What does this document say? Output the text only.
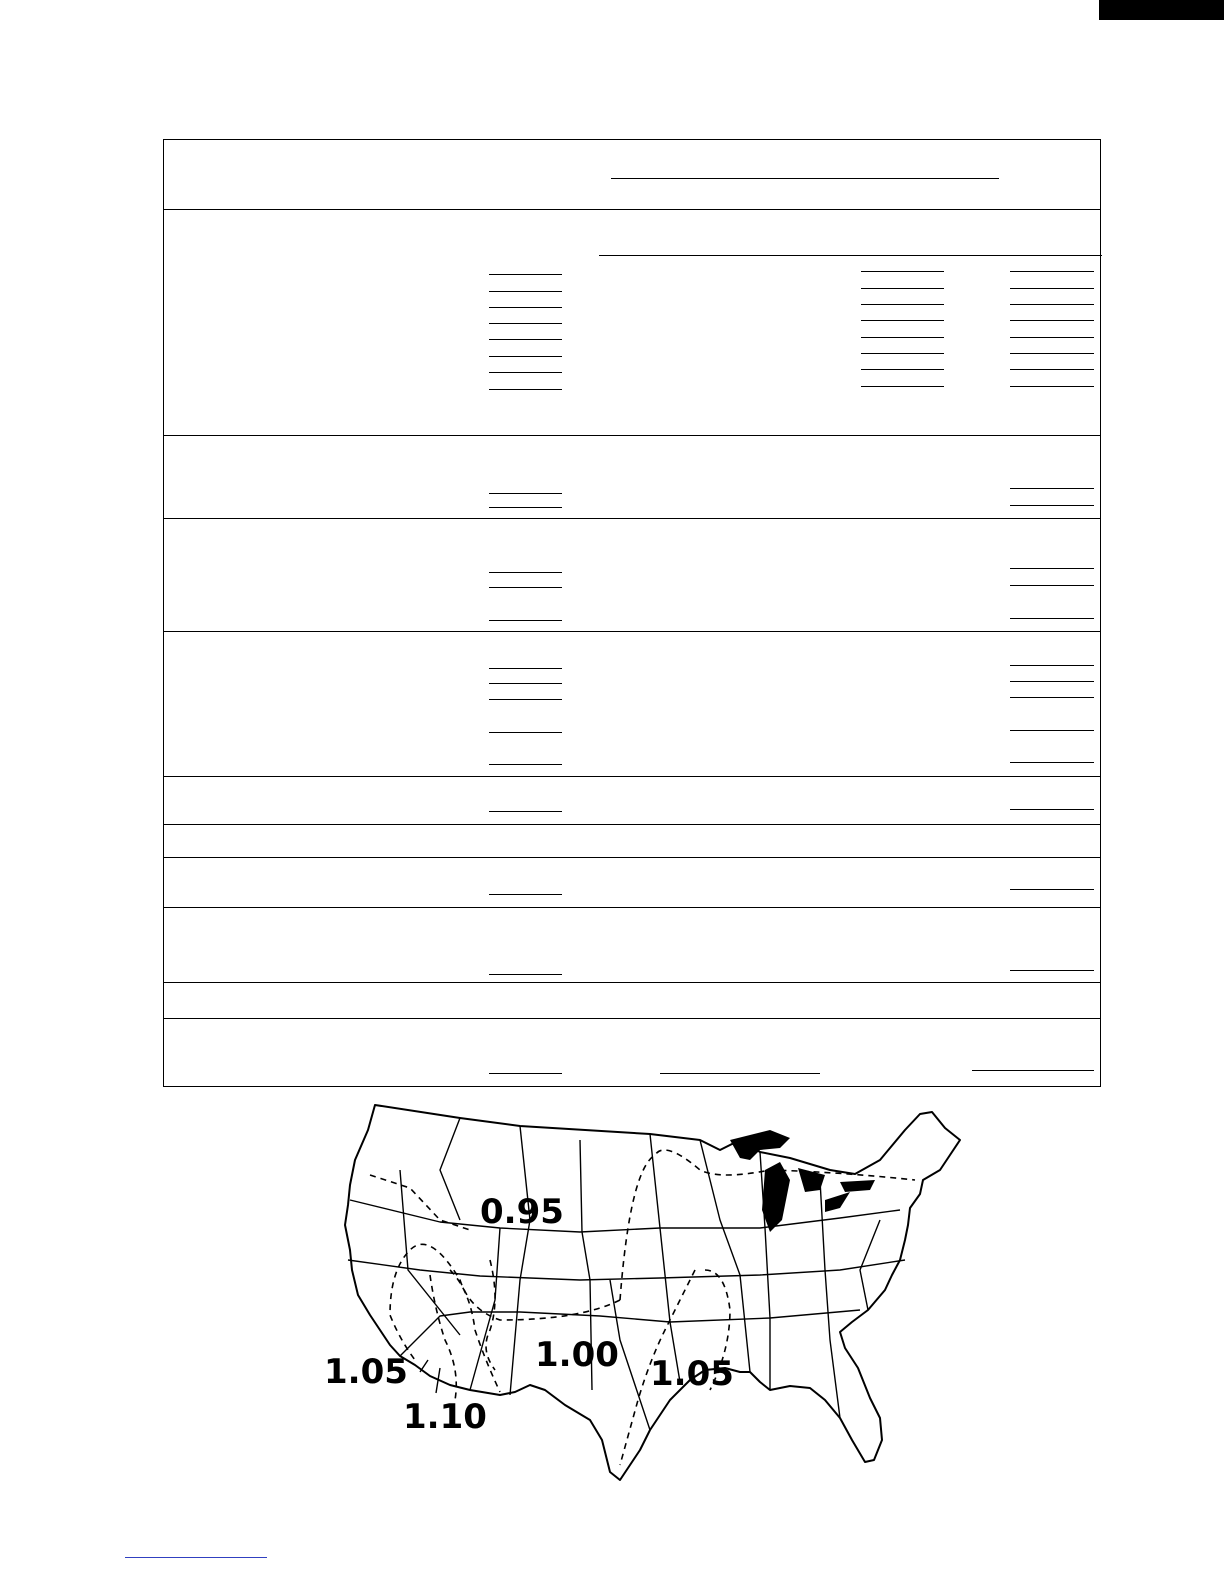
0.95
1.00
1.05	1.05
1.10
